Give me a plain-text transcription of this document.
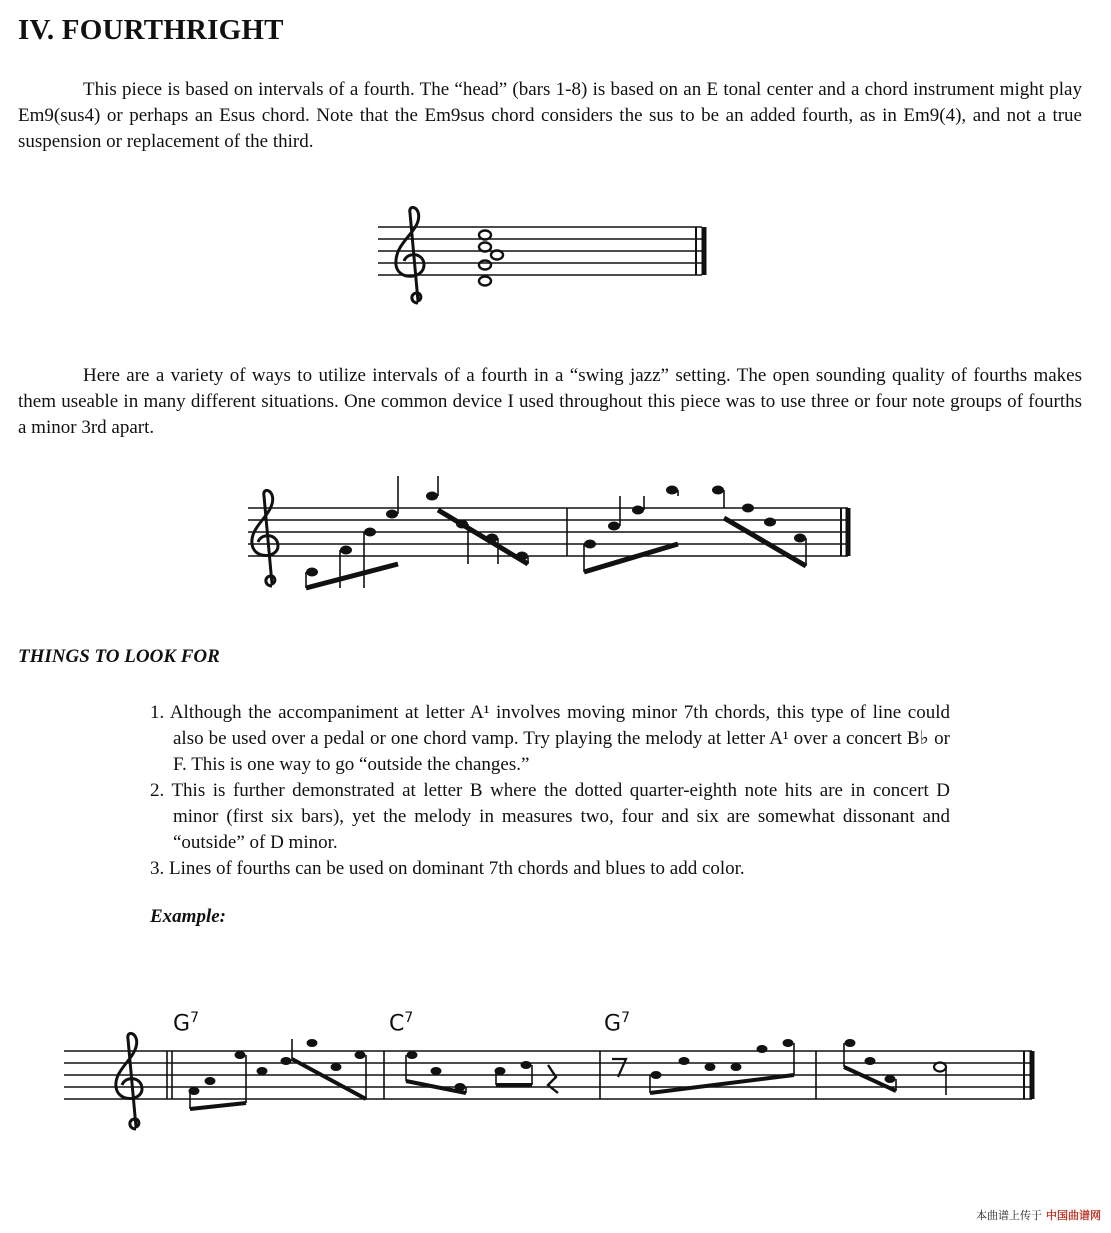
IV. FOURTHRIGHT

This piece is based on intervals of a fourth. The “head” (bars 1-8) is based on an E tonal center and a chord instrument might play Em9(sus4) or perhaps an Esus chord. Note that the Em9sus chord considers the sus to be an added fourth, as in Em9(4), and not a true suspension or replacement of the third.

Here are a variety of ways to utilize intervals of a fourth in a “swing jazz” setting. The open sounding quality of fourths makes them useable in many different situations. One common device I used throughout this piece was to use three or four note groups of fourths a minor 3rd apart.

THINGS TO LOOK FOR
1. Although the accompaniment at letter A¹ involves moving minor 7th chords, this type of line could also be used over a pedal or one chord vamp. Try playing the melody at letter A¹ over a concert B♭ or F. This is one way to go “outside the changes.”
2. This is further demonstrated at letter B where the dotted quarter-eighth note hits are in concert D minor (first six bars), yet the melody in measures two, four and six are somewhat dissonant and “outside” of D minor.
3. Lines of fourths can be used on dominant 7th chords and blues to add color.
Example:
$G^7$	$C^7$	$G^7$
本曲谱上传于 中国曲谱网
